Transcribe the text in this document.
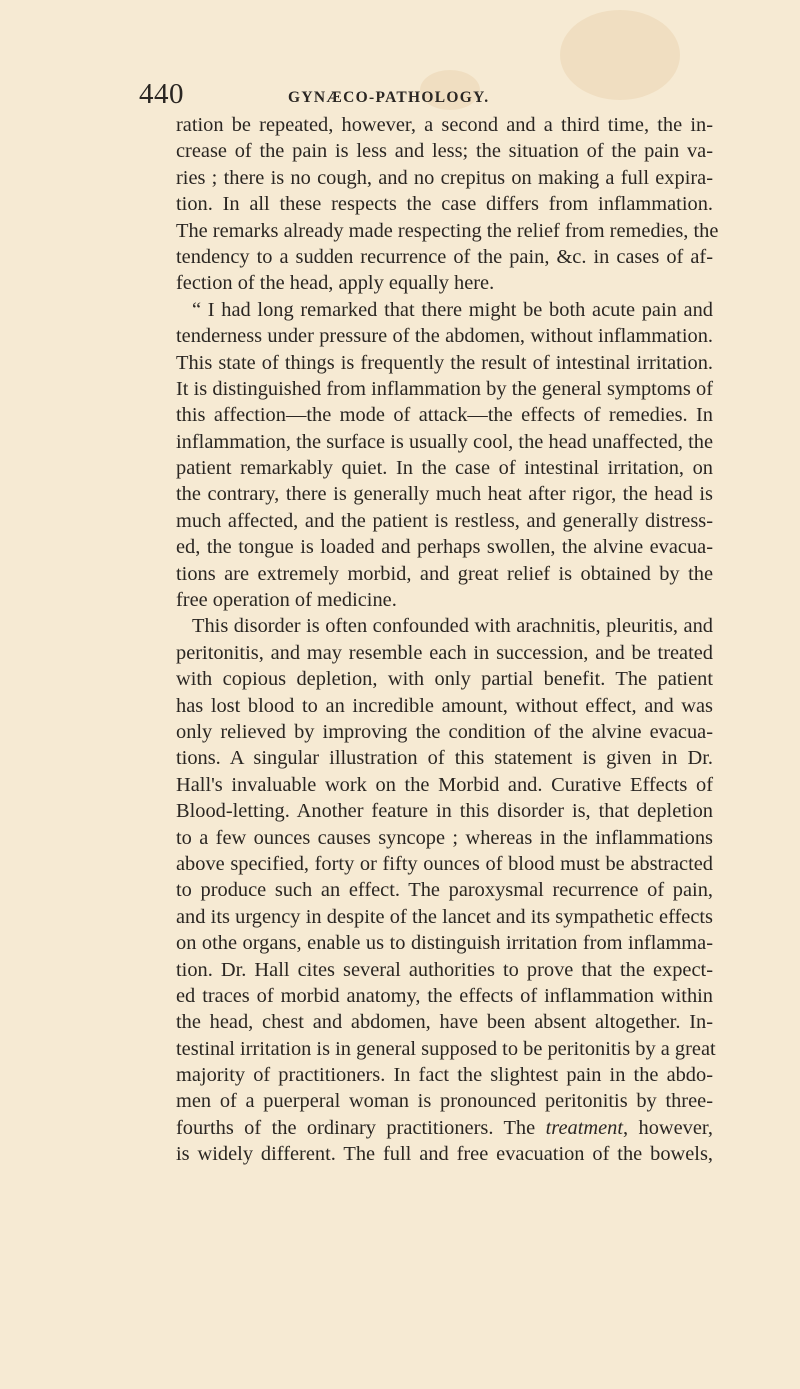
440	GYNÆCO-PATHOLOGY.
ration be repeated, however, a second and a third time, the in-
crease of the pain is less and less; the situation of the pain va-
ries ; there is no cough, and no crepitus on making a full expira-
tion. In all these respects the case differs from inflammation.
The remarks already made respecting the relief from remedies, the
tendency to a sudden recurrence of the pain, &c. in cases of af-
fection of the head, apply equally here.
“ I had long remarked that there might be both acute pain and
tenderness under pressure of the abdomen, without inflammation.
This state of things is frequently the result of intestinal irritation.
It is distinguished from inflammation by the general symptoms of
this affection—the mode of attack—the effects of remedies. In
inflammation, the surface is usually cool, the head unaffected, the
patient remarkably quiet. In the case of intestinal irritation, on
the contrary, there is generally much heat after rigor, the head is
much affected, and the patient is restless, and generally distress-
ed, the tongue is loaded and perhaps swollen, the alvine evacua-
tions are extremely morbid, and great relief is obtained by the
free operation of medicine.
This disorder is often confounded with arachnitis, pleuritis, and
peritonitis, and may resemble each in succession, and be treated
with copious depletion, with only partial benefit. The patient
has lost blood to an incredible amount, without effect, and was
only relieved by improving the condition of the alvine evacua-
tions. A singular illustration of this statement is given in Dr.
Hall's invaluable work on the Morbid and. Curative Effects of
Blood-letting. Another feature in this disorder is, that depletion
to a few ounces causes syncope ; whereas in the inflammations
above specified, forty or fifty ounces of blood must be abstracted
to produce such an effect. The paroxysmal recurrence of pain,
and its urgency in despite of the lancet and its sympathetic effects
on othe organs, enable us to distinguish irritation from inflamma-
tion. Dr. Hall cites several authorities to prove that the expect-
ed traces of morbid anatomy, the effects of inflammation within
the head, chest and abdomen, have been absent altogether. In-
testinal irritation is in general supposed to be peritonitis by a great
majority of practitioners. In fact the slightest pain in the abdo-
men of a puerperal woman is pronounced peritonitis by three-
fourths of the ordinary practitioners. The treatment, however,
is widely different. The full and free evacuation of the bowels,
